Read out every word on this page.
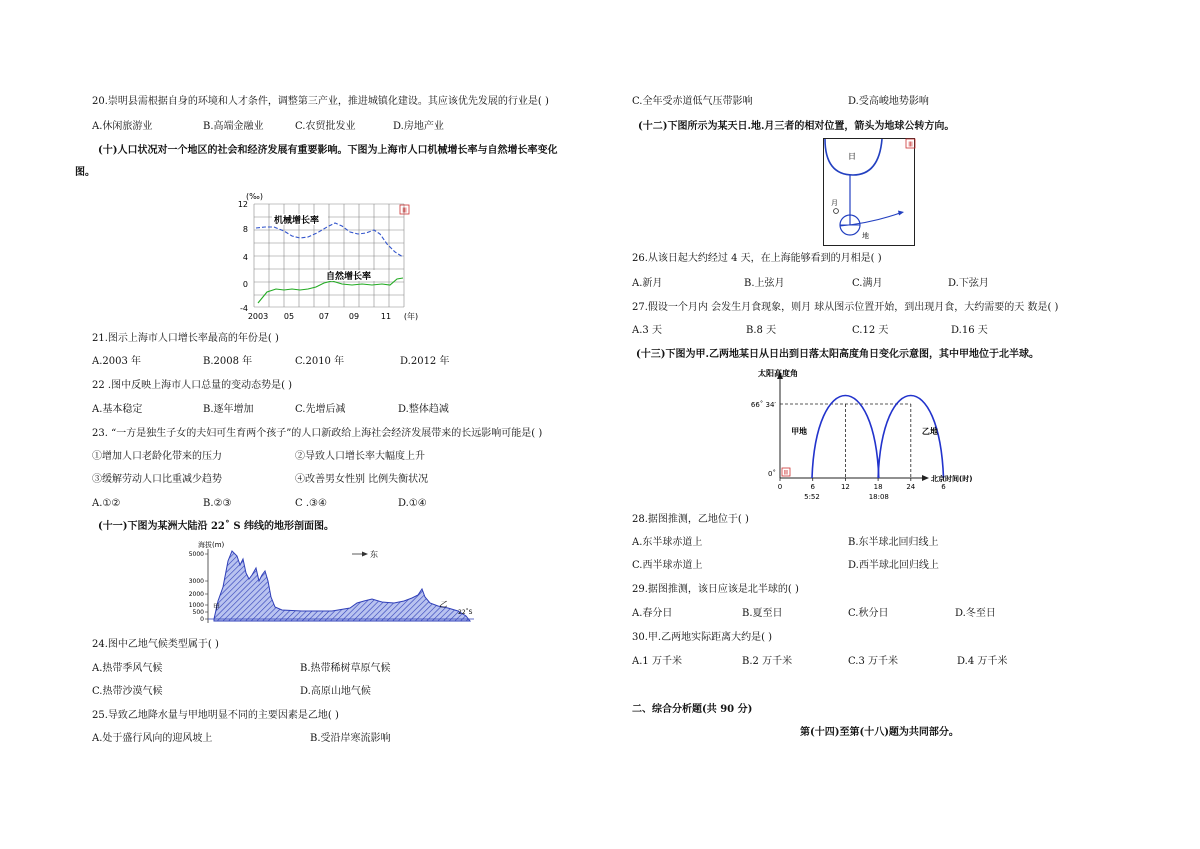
20.崇明县需根据自身的环境和人才条件，调整第三产业，推进城镇化建设。其应该优先发展的行业是( )
A.休闲旅游业	B.高端金融业	C.农贸批发业	D.房地产业
(十)人口状况对一个地区的社会和经济发展有重要影响。下图为上海市人口机械增长率与自然增长率变化
图。
(‰)
12
8
4
0
-4
2003 05	07 09	11 (年)
机械增长率
自然增长率
Ⅲ
21.图示上海市人口增长率最高的年份是( )
A.2003 年	B.2008 年	C.2010 年	D.2012 年
22 .图中反映上海市人口总量的变动态势是( )
A.基本稳定	B.逐年增加	C.先增后减	D.整体趋减
23. “一方是独生子女的夫妇可生育两个孩子”的人口新政给上海社会经济发展带来的长远影响可能是( )
①增加人口老龄化带来的压力	②导致人口增长率大幅度上升
③缓解劳动人口比重减少趋势	④改善男女性别 比例失衡状况
A.①②	B.②③	C .③④	D.①④
(十一)下图为某洲大陆沿 22˚ S 纬线的地形剖面图。
海拔(m)
5000
3000
2000
1000
500
0
东
甲	乙
22˚S
24.图中乙地气候类型属于( )
A.热带季风气候	B.热带稀树草原气候
C.热带沙漠气候	D.高原山地气候
25.导致乙地降水量与甲地明显不同的主要因素是乙地( )
A.处于盛行风向的迎风坡上	B.受沿岸寒流影响
C.全年受赤道低气压带影响	D.受高峻地势影响
(十二)下图所示为某天日.地.月三者的相对位置，箭头为地球公转方向。
日
月
地
Ⅲ
26.从该日起大约经过 4 天，在上海能够看到的月相是( )
A.新月	B.上弦月	C.满月	D.下弦月
27.假设一个月内 会发生月食现象，则月 球从图示位置开始，到出现月食，大约需要的天 数是( )
A.3 天	B.8 天	C.12 天	D.16 天
(十三)下图为甲.乙两地某日从日出到日落太阳高度角日变化示意图，其中甲地位于北半球。
太阳高度角
66˚ 34′
0˚
甲地	乙地
0	6	12	18	24	6
北京时间(时)
5:52	18:08
Ⅲ
28.据图推测，乙地位于( )
A.东半球赤道上	B.东半球北回归线上
C.西半球赤道上	D.西半球北回归线上
29.据图推测，该日应该是北半球的( )
A.春分日	B.夏至日	C.秋分日	D.冬至日
30.甲.乙两地实际距离大约是( )
A.1 万千米	B.2 万千米	C.3 万千米	D.4 万千米
二、综合分析题(共 90 分)
第(十四)至第(十八)题为共同部分。
